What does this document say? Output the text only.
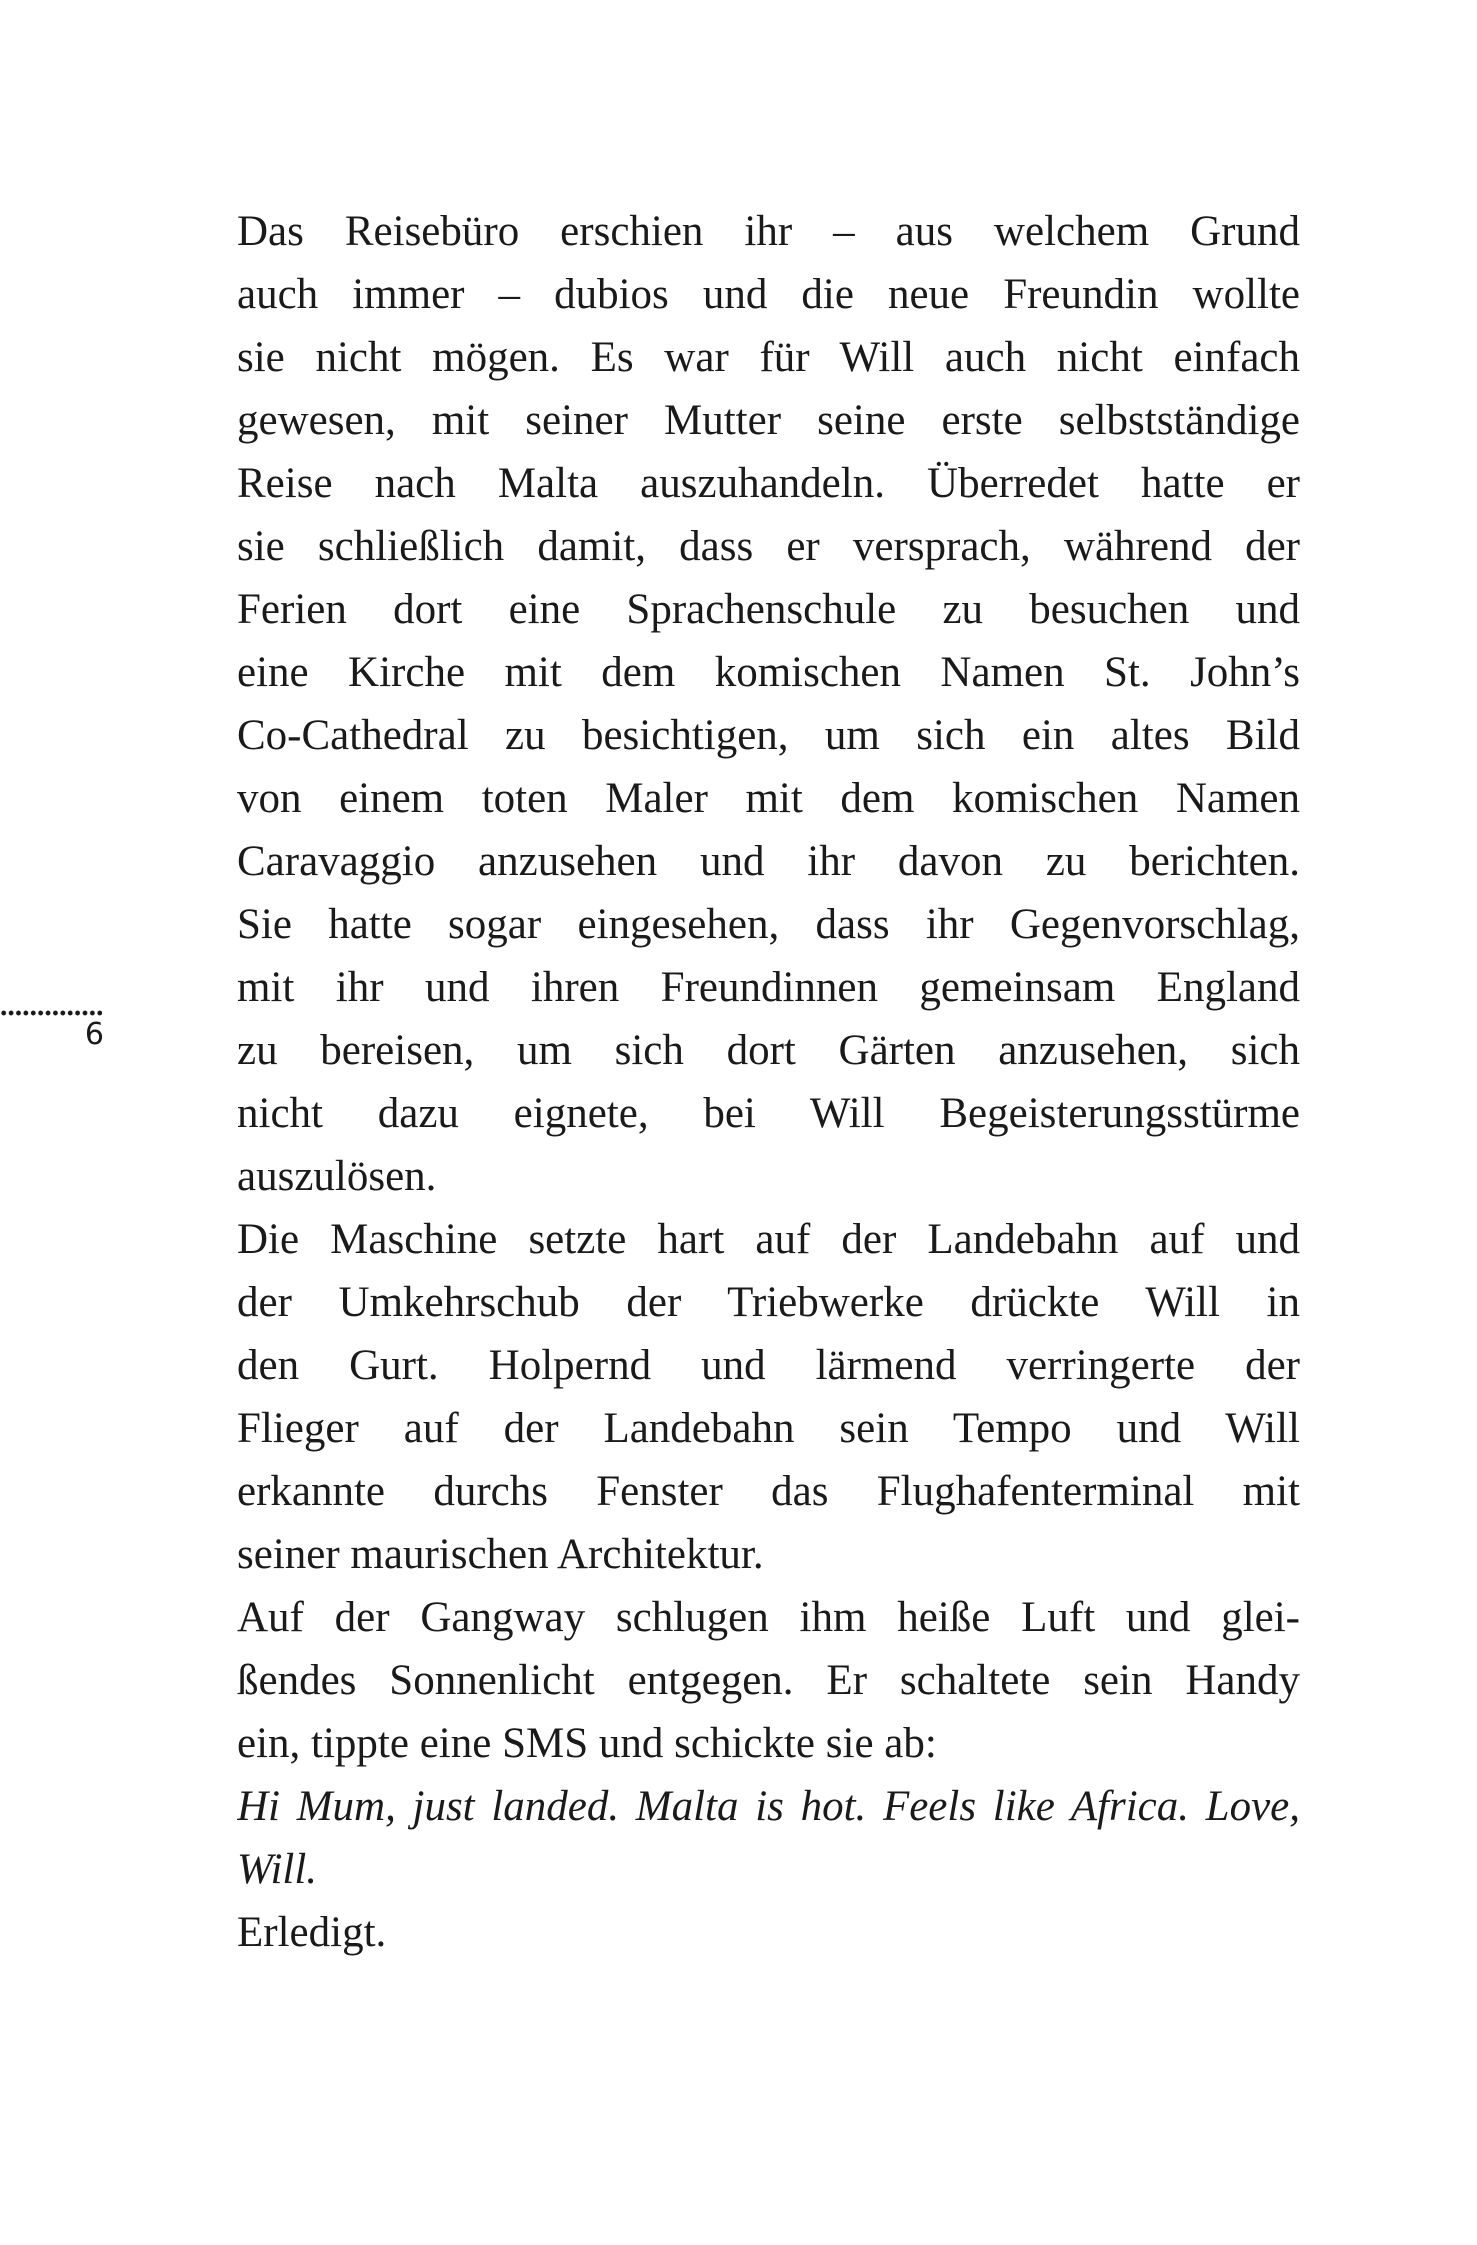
6
Das Reisebüro erschien ihr – aus welchem Grund
auch immer – dubios und die neue Freundin wollte
sie nicht mögen. Es war für Will auch nicht einfach
gewesen, mit seiner Mutter seine erste selbstständige
Reise nach Malta auszuhandeln. Überredet hatte er
sie schließlich damit, dass er versprach, während der
Ferien dort eine Sprachenschule zu besuchen und
eine Kirche mit dem komischen Namen St. John’s
Co-Cathedral zu besichtigen, um sich ein altes Bild
von einem toten Maler mit dem komischen Namen
Caravaggio anzusehen und ihr davon zu berichten.
Sie hatte sogar eingesehen, dass ihr Gegenvorschlag,
mit ihr und ihren Freundinnen gemeinsam England
zu bereisen, um sich dort Gärten anzusehen, sich
nicht dazu eignete, bei Will Begeisterungsstürme
auszulösen.
Die Maschine setzte hart auf der Landebahn auf und
der Umkehrschub der Triebwerke drückte Will in
den Gurt. Holpernd und lärmend verringerte der
Flieger auf der Landebahn sein Tempo und Will
erkannte durchs Fenster das Flughafenterminal mit
seiner maurischen Architektur.
Auf der Gangway schlugen ihm heiße Luft und glei-
ßendes Sonnenlicht entgegen. Er schaltete sein Handy
ein, tippte eine SMS und schickte sie ab:
Hi Mum, just landed. Malta is hot. Feels like Africa. Love,
Will.
Erledigt.
